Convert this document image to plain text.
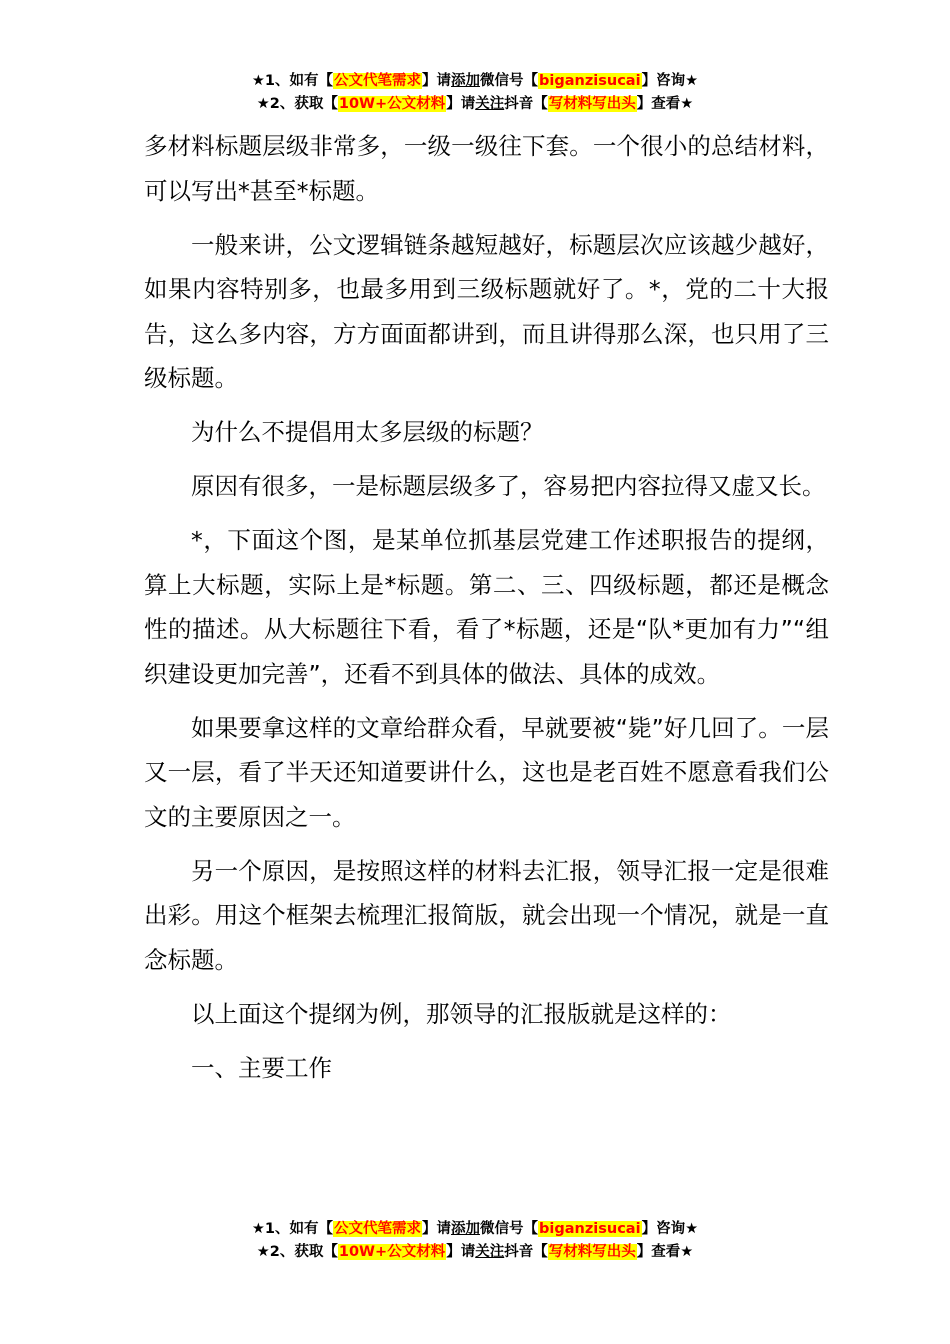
★1、如有【公文代笔需求】请添加微信号【biganzisucai】咨询★
★2、获取【10W+公文材料】请关注抖音【写材料写出头】查看★

多材料标题层级非常多，一级一级往下套。一个很小的总结材料，可以写出*甚至*标题。

一般来讲，公文逻辑链条越短越好，标题层次应该越少越好，如果内容特别多，也最多用到三级标题就好了。*，党的二十大报告，这么多内容，方方面面都讲到，而且讲得那么深，也只用了三级标题。

为什么不提倡用太多层级的标题？

原因有很多，一是标题层级多了，容易把内容拉得又虚又长。

*，下面这个图，是某单位抓基层党建工作述职报告的提纲，算上大标题，实际上是*标题。第二、三、四级标题，都还是概念性的描述。从大标题往下看，看了*标题，还是“队*更加有力”“组织建设更加完善”，还看不到具体的做法、具体的成效。

如果要拿这样的文章给群众看，早就要被“毙”好几回了。一层又一层，看了半天还知道要讲什么，这也是老百姓不愿意看我们公文的主要原因之一。

另一个原因，是按照这样的材料去汇报，领导汇报一定是很难出彩。用这个框架去梳理汇报简版，就会出现一个情况，就是一直念标题。

以上面这个提纲为例，那领导的汇报版就是这样的：

一、主要工作

★1、如有【公文代笔需求】请添加微信号【biganzisucai】咨询★
★2、获取【10W+公文材料】请关注抖音【写材料写出头】查看★
